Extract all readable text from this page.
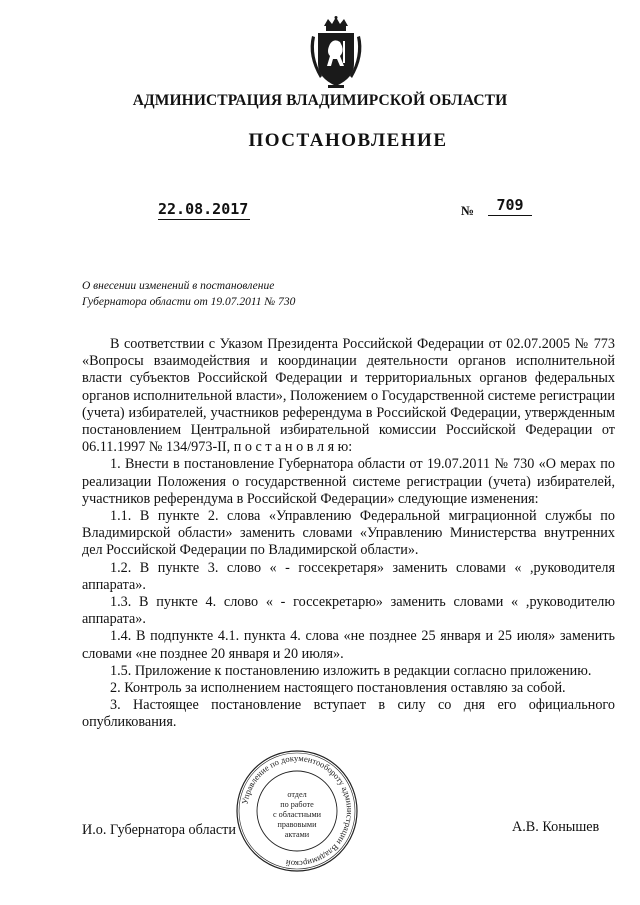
АДМИНИСТРАЦИЯ ВЛАДИМИРСКОЙ ОБЛАСТИ
ПОСТАНОВЛЕНИЕ
22.08.2017	№	709
О внесении изменений в постановление
Губернатора области от 19.07.2011 № 730

В соответствии с Указом Президента Российской Федерации от 02.07.2005 № 773 «Вопросы взаимодействия и координации деятельности органов исполнительной власти субъектов Российской Федерации и территориальных органов федеральных органов исполнительной власти», Положением о Государственной системе регистрации (учета) избирателей, участников референдума в Российской Федерации, утвержденным постановлением Центральной избирательной комиссии Российской Федерации от 06.11.1997 № 134/973-II, п о с т а н о в л я ю:

1. Внести в постановление Губернатора области от 19.07.2011 № 730 «О мерах по реализации Положения о государственной системе регистрации (учета) избирателей, участников референдума в Российской Федерации» следующие изменения:

1.1. В пункте 2. слова «Управлению Федеральной миграционной службы по Владимирской области» заменить словами «Управлению Министерства внутренних дел Российской Федерации по Владимирской области».

1.2. В пункте 3. слово « - госсекретаря» заменить словами « ,руководителя аппарата».

1.3. В пункте 4. слово « - госсекретарю» заменить словами « ,руководителю аппарата».

1.4. В подпункте 4.1. пункта 4. слова «не позднее 25 января и 25 июля» заменить словами «не позднее 20 января и 20 июля».

1.5. Приложение к постановлению изложить в редакции согласно приложению.

2. Контроль за исполнением настоящего постановления оставляю за собой.

3. Настоящее постановление вступает в силу со дня его официального опубликования.

И.о. Губернатора области	А.В. Конышев
Управление по документообороту администрации Владимирской
отдел
по работе
с областными
правовыми
актами
